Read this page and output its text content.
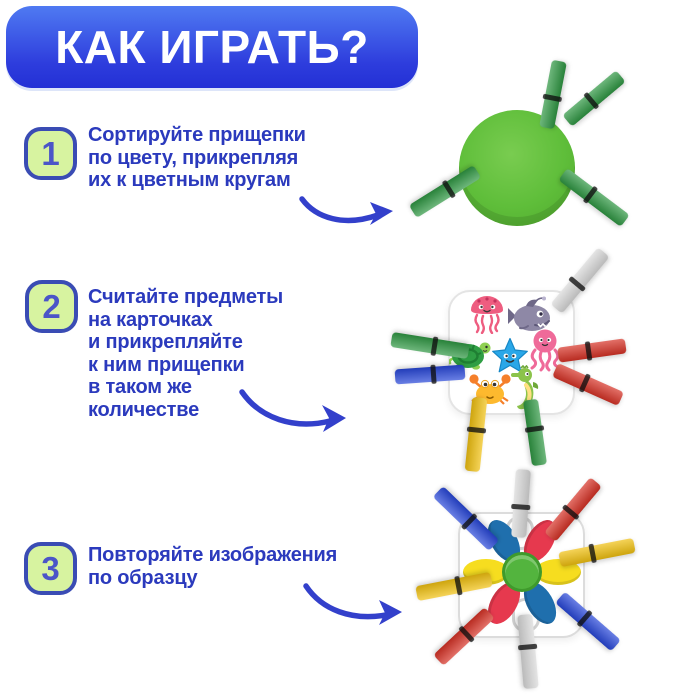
КАК ИГРАТЬ?
1 Сортируйте прищепки
по цвету, прикрепляя
их к цветным кругам
2 Считайте предметы
на карточках
и прикрепляйте
к ним прищепки
в таком же
количестве
3 Повторяйте изображения
по образцу
